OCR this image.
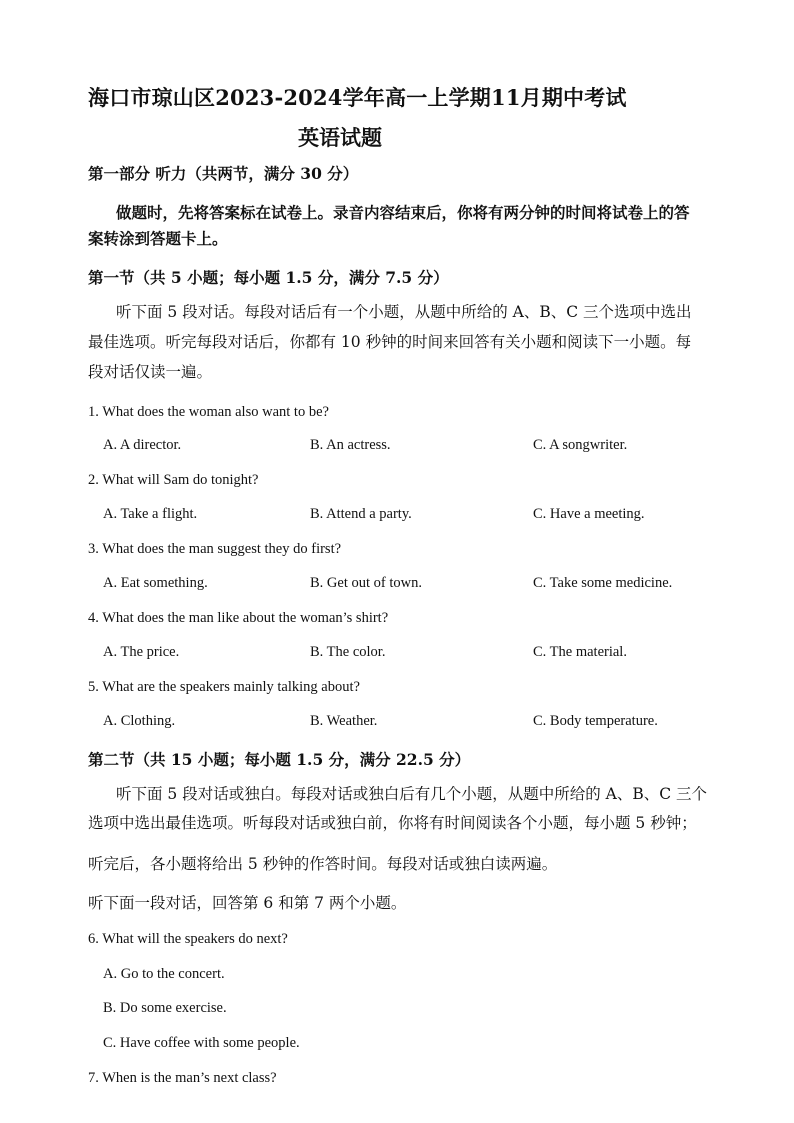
海口市琼山区2023-2024学年高一上学期11月期中考试
英语试题
第一部分 听力（共两节，满分 30 分）
做题时，先将答案标在试卷上。录音内容结束后，你将有两分钟的时间将试卷上的答
案转涂到答题卡上。
第一节（共 5 小题；每小题 1.5 分，满分 7.5 分）
听下面 5 段对话。每段对话后有一个小题，从题中所给的 A、B、C 三个选项中选出
最佳选项。听完每段对话后，你都有 10 秒钟的时间来回答有关小题和阅读下一小题。每
段对话仅读一遍。
1. What does the woman also want to be?
A. A director.	B. An actress.	C. A songwriter.
2. What will Sam do tonight?
A. Take a flight.	B. Attend a party.	C. Have a meeting.
3. What does the man suggest they do first?
A. Eat something.	B. Get out of town.	C. Take some medicine.
4. What does the man like about the woman’s shirt?
A. The price.	B. The color.	C. The material.
5. What are the speakers mainly talking about?
A. Clothing.	B. Weather.	C. Body temperature.
第二节（共 15 小题；每小题 1.5 分，满分 22.5 分）
听下面 5 段对话或独白。每段对话或独白后有几个小题，从题中所给的 A、B、C 三个
选项中选出最佳选项。听每段对话或独白前，你将有时间阅读各个小题，每小题 5 秒钟；
听完后，各小题将给出 5 秒钟的作答时间。每段对话或独白读两遍。
听下面一段对话，回答第 6 和第 7 两个小题。
6. What will the speakers do next?
A. Go to the concert.
B. Do some exercise.
C. Have coffee with some people.
7. When is the man’s next class?
